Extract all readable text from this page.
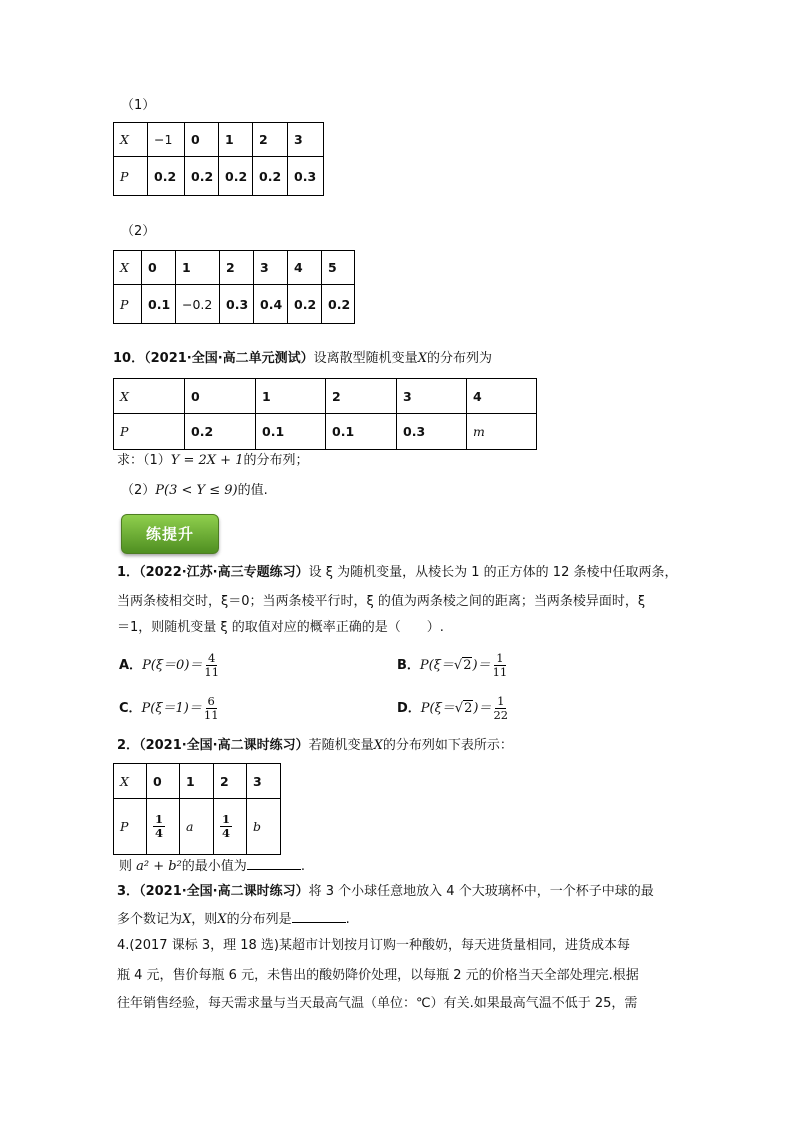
（1）
X	−1	0	1	2	3
P	0.2	0.2	0.2	0.2	0.3
（2）
X	0	1	2	3	4	5
P	0.1	−0.2	0.3	0.4	0.2	0.2
10．（2021·全国·高二单元测试）设离散型随机变量X的分布列为
X	0	1	2	3	4
P	0.2	0.1	0.1	0.3	m
求：（1）Y = 2X + 1的分布列；
（2）P(3 < Y ≤ 9)的值.
练提升
1．（2022·江苏·高三专题练习）设 ξ 为随机变量，从棱长为 1 的正方体的 12 条棱中任取两条，
当两条棱相交时，ξ＝0；当两条棱平行时，ξ 的值为两条棱之间的距离；当两条棱异面时，ξ
＝1，则随机变量 ξ 的取值对应的概率正确的是（　　）.
A．$P(\xi=0)= \frac{4}{11}$	B．$P(\xi=√2)= \frac{1}{11}$
C．$P(\xi=1)= \frac{6}{11}$	D．$P(\xi=√2)= \frac{1}{22}$
2．（2021·全国·高二课时练习）若随机变量X的分布列如下表所示：
X	0	1	2	3
P	$\frac{1}{4}$	a	$\frac{1}{4}$	b
则 a² + b²的最小值为	.
3．（2021·全国·高二课时练习）将 3 个小球任意地放入 4 个大玻璃杯中，一个杯子中球的最
多个数记为X，则X的分布列是	.
4.(2017 课标 3，理 18 选)某超市计划按月订购一种酸奶，每天进货量相同，进货成本每
瓶 4 元，售价每瓶 6 元，未售出的酸奶降价处理，以每瓶 2 元的价格当天全部处理完.根据
往年销售经验，每天需求量与当天最高气温（单位：℃）有关.如果最高气温不低于 25，需
